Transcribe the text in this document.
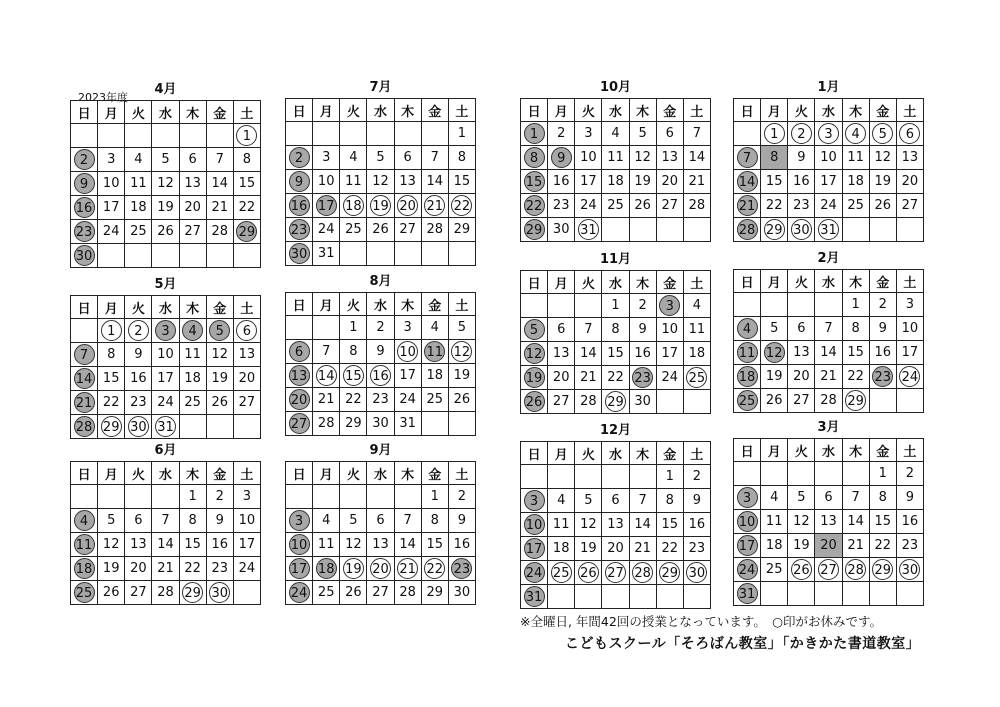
2023年度
4月
日	月	火	水	木	金	土
						1
2	3	4	5	6	7	8
9	10	11	12	13	14	15
16	17	18	19	20	21	22
23	24	25	26	27	28	29
30						
5月
日	月	火	水	木	金	土
	1	2	3	4	5	6
7	8	9	10	11	12	13
14	15	16	17	18	19	20
21	22	23	24	25	26	27
28	29	30	31			
6月
日	月	火	水	木	金	土
				1	2	3
4	5	6	7	8	9	10
11	12	13	14	15	16	17
18	19	20	21	22	23	24
25	26	27	28	29	30	
7月
日	月	火	水	木	金	土
						1
2	3	4	5	6	7	8
9	10	11	12	13	14	15
16	17	18	19	20	21	22
23	24	25	26	27	28	29
30	31					
8月
日	月	火	水	木	金	土
		1	2	3	4	5
6	7	8	9	10	11	12
13	14	15	16	17	18	19
20	21	22	23	24	25	26
27	28	29	30	31		
9月
日	月	火	水	木	金	土
					1	2
3	4	5	6	7	8	9
10	11	12	13	14	15	16
17	18	19	20	21	22	23
24	25	26	27	28	29	30
10月
日	月	火	水	木	金	土
1	2	3	4	5	6	7
8	9	10	11	12	13	14
15	16	17	18	19	20	21
22	23	24	25	26	27	28
29	30	31				
11月
日	月	火	水	木	金	土
			1	2	3	4
5	6	7	8	9	10	11
12	13	14	15	16	17	18
19	20	21	22	23	24	25
26	27	28	29	30		
12月
日	月	火	水	木	金	土
					1	2
3	4	5	6	7	8	9
10	11	12	13	14	15	16
17	18	19	20	21	22	23
24	25	26	27	28	29	30
31						
1月
日	月	火	水	木	金	土
	1	2	3	4	5	6
7	8	9	10	11	12	13
14	15	16	17	18	19	20
21	22	23	24	25	26	27
28	29	30	31			
2月
日	月	火	水	木	金	土
				1	2	3
4	5	6	7	8	9	10
11	12	13	14	15	16	17
18	19	20	21	22	23	24
25	26	27	28	29		
3月
日	月	火	水	木	金	土
					1	2
3	4	5	6	7	8	9
10	11	12	13	14	15	16
17	18	19	20	21	22	23
24	25	26	27	28	29	30
31						
※全曜日, 年間42回の授業となっています。　○印がお休みです。
こどもスクール「そろばん教室」「かきかた書道教室」
